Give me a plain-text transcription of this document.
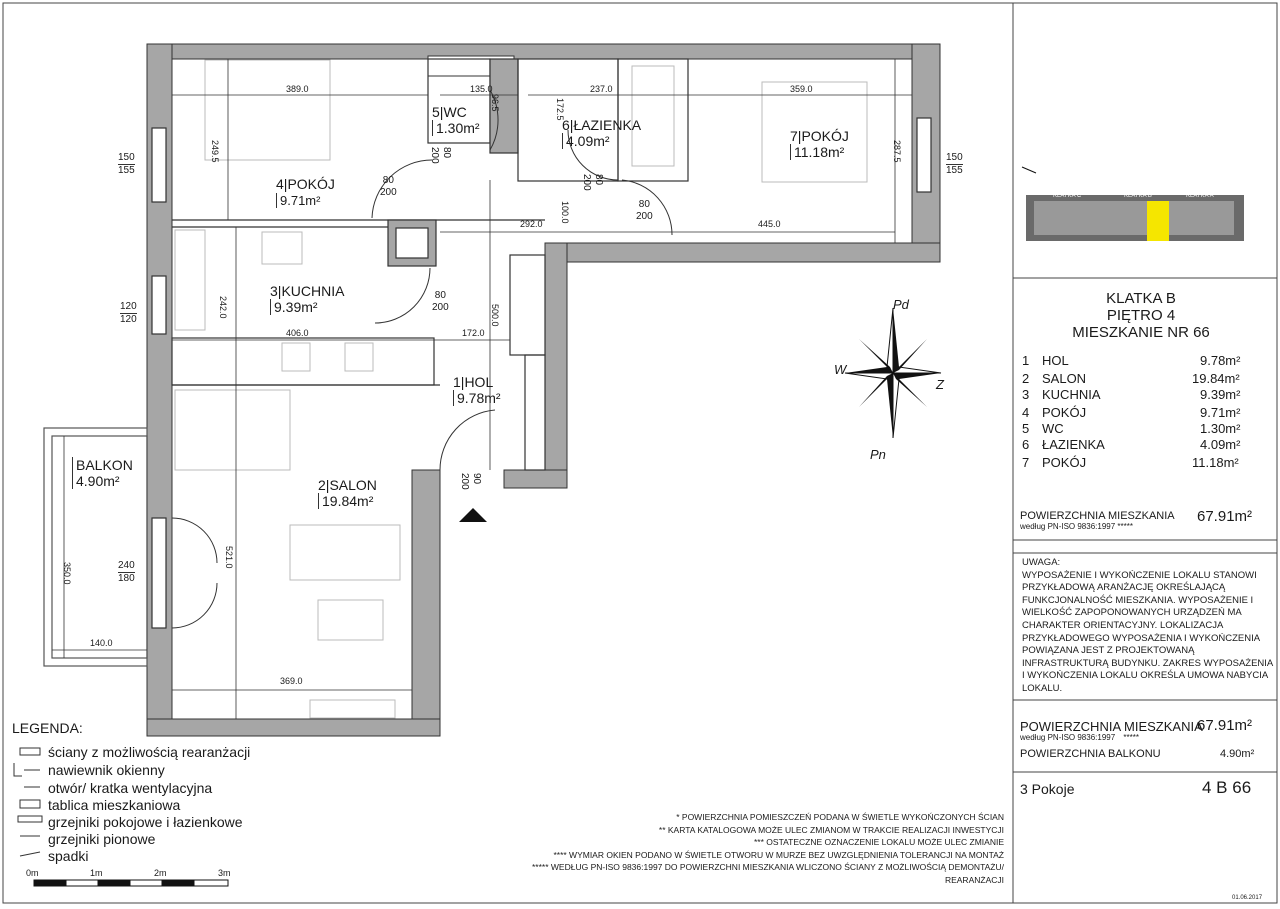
4|POKÓJ
9.71m²
5|WC
1.30m²	6|ŁAZIENKA
4.09m²	7|POKÓJ
11.18m²
3|KUCHNIA
9.39m²
1|HOL
9.78m²
2|SALON
19.84m²
BALKON
4.90m²
389.0	135.0	237.0	359.0
249.5
96.5	172.5
287.5
292.0	445.0
100.0
242.0
406.0	172.0
500.0
521.0
350.0
140.0
369.0
80
200
80
200
80
200
80
200
80
200
90
200
150
155
150
155
120
120
240
180
Pd
Pn
W
Z
KLATKA C	KLATKA B	KLATKA A
KLATKA B
PIĘTRO 4
MIESZKANIE NR 66
1 HOL	9.78m²
2 SALON	19.84m²
3 KUCHNIA	9.39m²
4 POKÓJ	9.71m²
5 WC	1.30m²
6 ŁAZIENKA	4.09m²
7 POKÓJ	11.18m²
POWIERZCHNIA MIESZKANIA
według PN-ISO 9836:1997 *****
67.91m²
UWAGA:
WYPOSAŻENIE I WYKOŃCZENIE LOKALU STANOWI
PRZYKŁADOWĄ ARANŻACJĘ OKREŚLAJĄCĄ
FUNKCJONALNOŚĆ MIESZKANIA. WYPOSAŻENIE I
WIELKOŚĆ ZAPOPONOWANYCH URZĄDZEŃ MA
CHARAKTER ORIENTACYJNY. LOKALIZACJA
PRZYKŁADOWEGO WYPOSAŻENIA I WYKOŃCZENIA
POWIĄZANA JEST Z PROJEKTOWANĄ
INFRASTRUKTURĄ BUDYNKU. ZAKRES WYPOSAŻENIA
I WYKOŃCZENIA LOKALU OKREŚLA UMOWA NABYCIA
LOKALU.
POWIERZCHNIA MIESZKANIA
67.91m²
według PN-ISO 9836:1997 *****
POWIERZCHNIA BALKONU	4.90m²
3 Pokoje	4 B 66
LEGENDA:
ściany z możliwością rearanżacji
nawiewnik okienny
otwór/ kratka wentylacyjna
tablica mieszkaniowa
grzejniki pokojowe i łazienkowe
grzejniki pionowe
spadki
0m	1m	2m	3m
* POWIERZCHNIA POMIESZCZEŃ PODANA W ŚWIETLE WYKOŃCZONYCH ŚCIAN
** KARTA KATALOGOWA MOŻE ULEC ZMIANOM W TRAKCIE REALIZACJI INWESTYCJI
*** OSTATECZNE OZNACZENIE LOKALU MOŻE ULEC ZMIANIE
**** WYMIAR OKIEN PODANO W ŚWIETLE OTWORU W MURZE BEZ UWZGLĘDNIENIA TOLERANCJI NA MONTAŻ
***** WEDŁUG PN-ISO 9836:1997 DO POWIERZCHNI MIESZKANIA WLICZONO ŚCIANY Z MOŻLIWOŚCIĄ DEMONTAŻU/
REARANŻACJI
01.06.2017
